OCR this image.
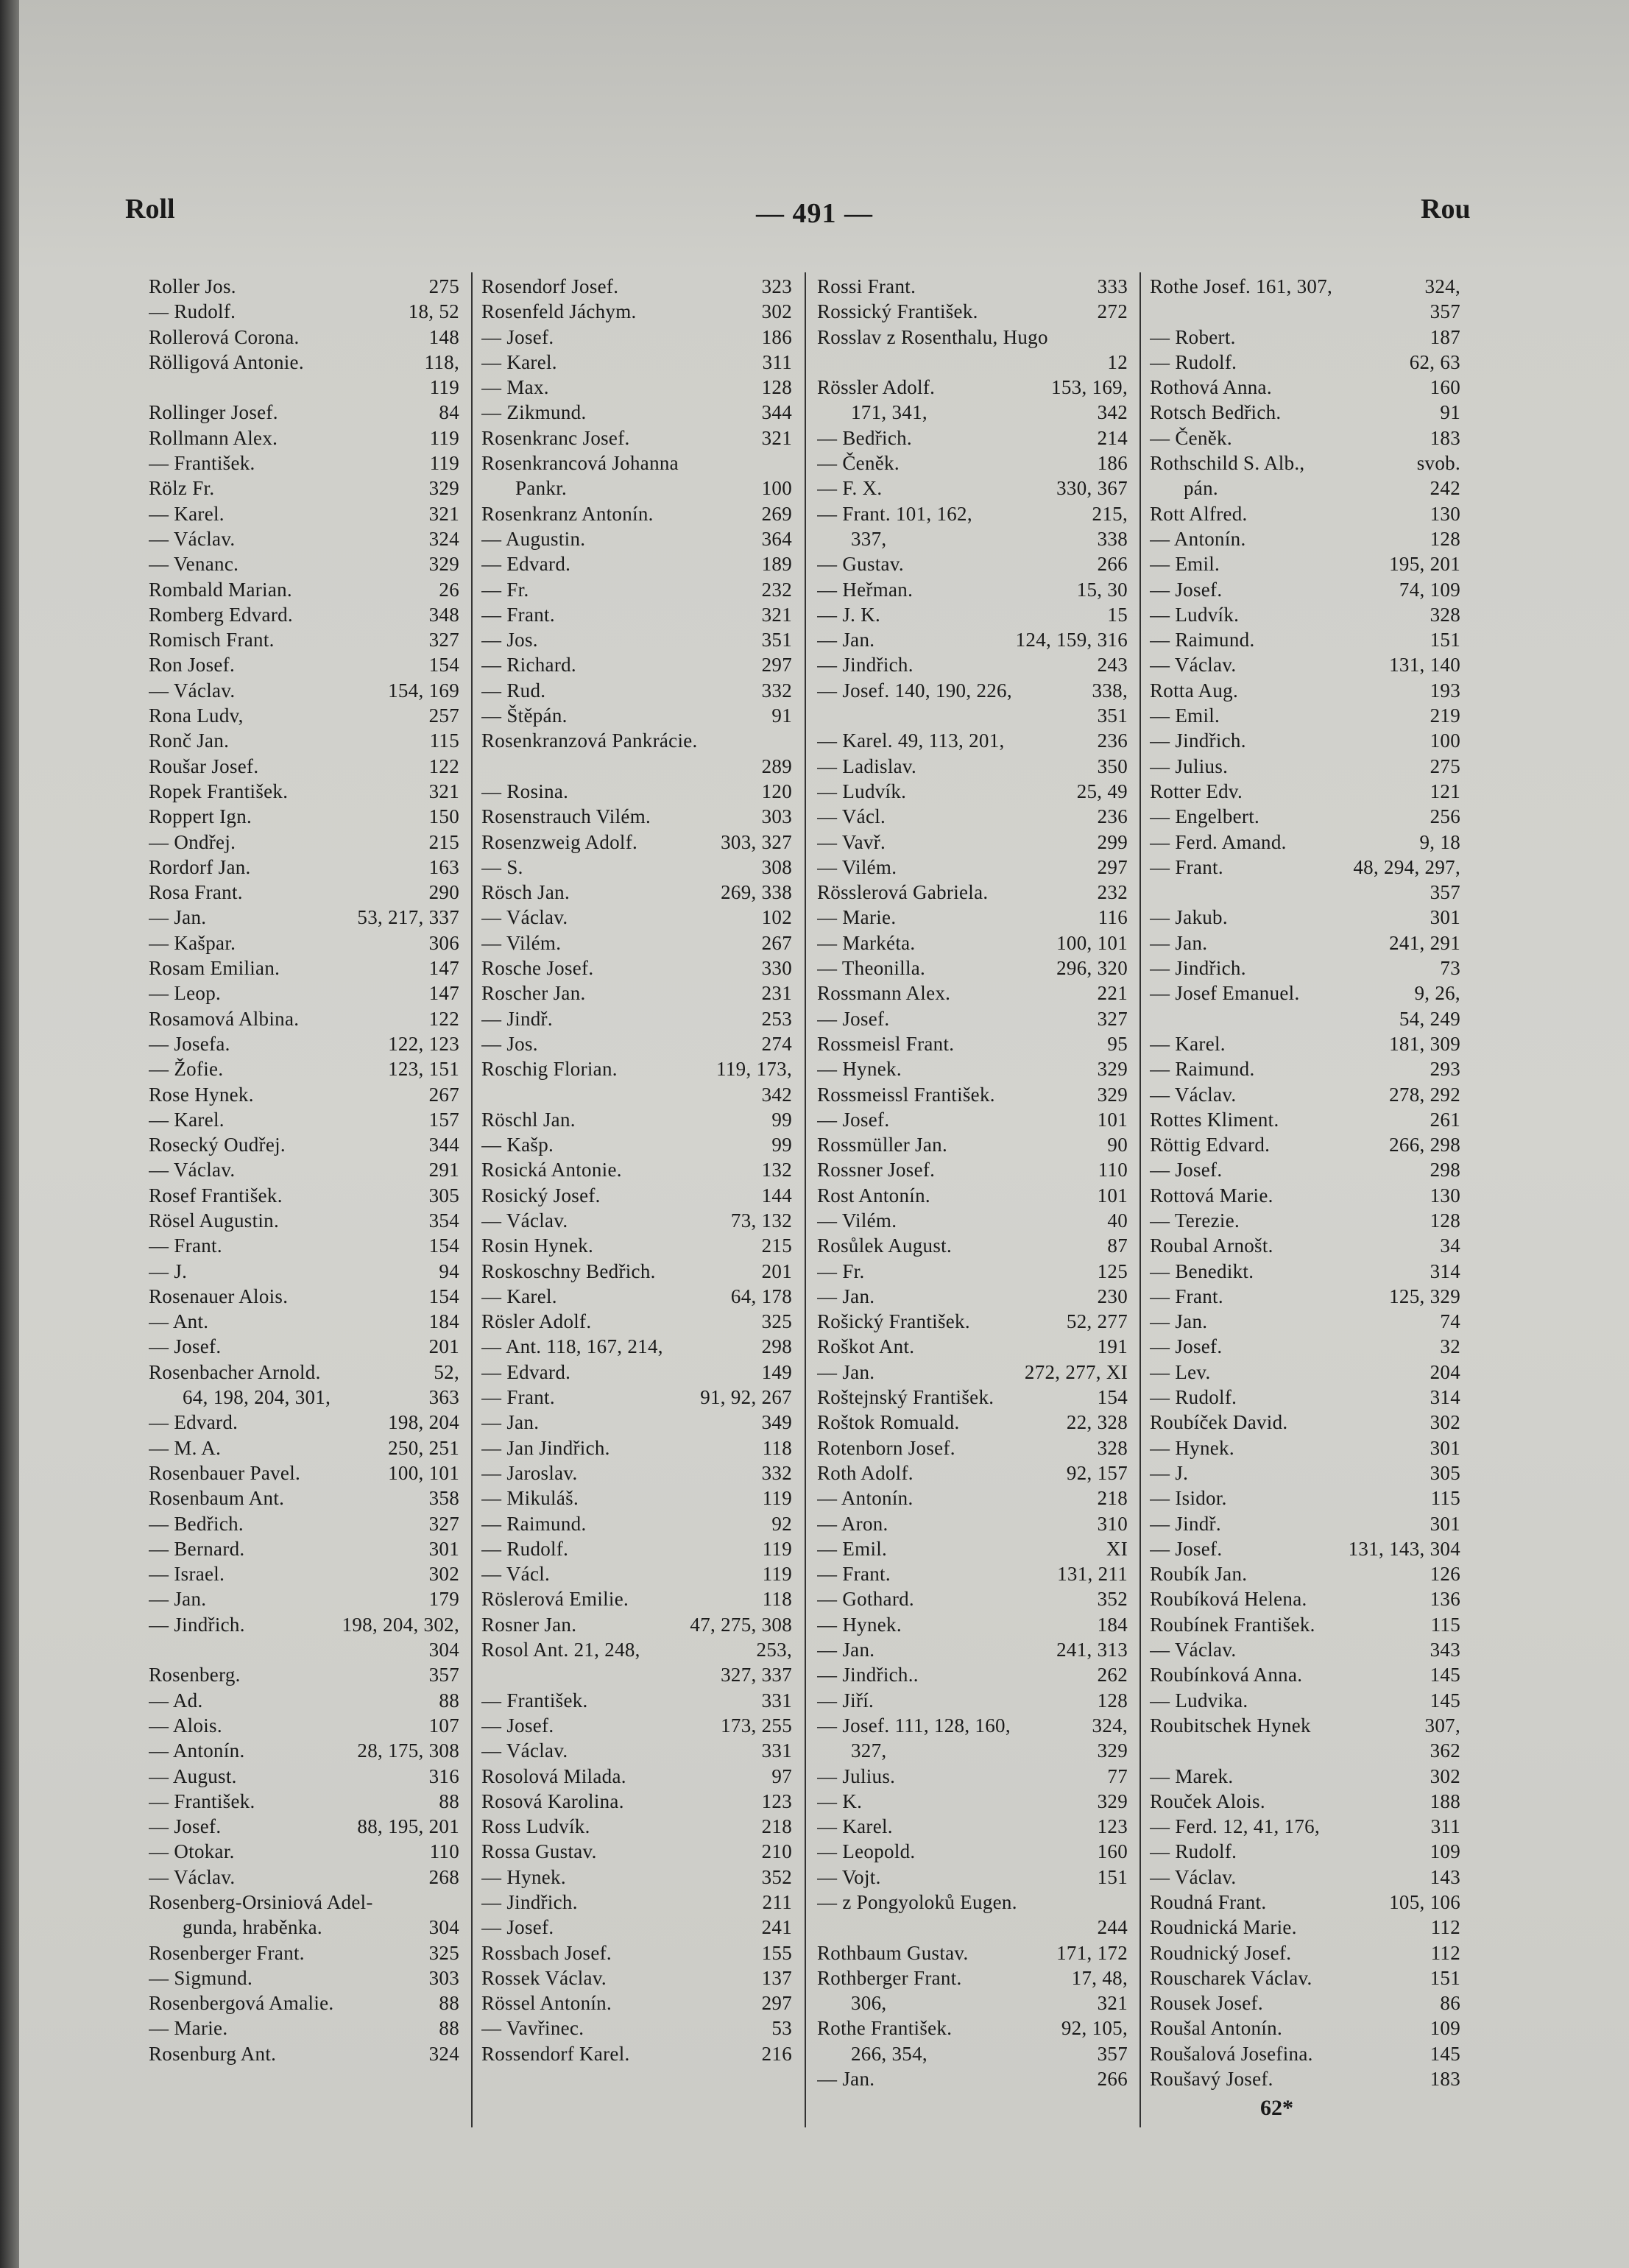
Roll	— 491 —	Rou
Roller Jos.	275
— Rudolf.	18, 52
Rollerová Corona.	148
Rölligová Antonie.	118,
119
Rollinger Josef.	84
Rollmann Alex.	119
— František.	119
Rölz Fr.	329
— Karel.	321
— Václav.	324
— Venanc.	329
Rombald Marian.	26
Romberg Edvard.	348
Romisch Frant.	327
Ron Josef.	154
— Václav.	154, 169
Rona Ludv,	257
Ronč Jan.	115
Roušar Josef.	122
Ropek František.	321
Roppert Ign.	150
— Ondřej.	215
Rordorf Jan.	163
Rosa Frant.	290
— Jan.	53, 217, 337
— Kašpar.	306
Rosam Emilian.	147
— Leop.	147
Rosamová Albina.	122
— Josefa.	122, 123
— Žofie.	123, 151
Rose Hynek.	267
— Karel.	157
Rosecký Oudřej.	344
— Václav.	291
Rosef František.	305
Rösel Augustin.	354
— Frant.	154
— J.	94
Rosenauer Alois.	154
— Ant.	184
— Josef.	201
Rosenbacher Arnold.	52,
64, 198, 204, 301,	363
— Edvard.	198, 204
— M. A.	250, 251
Rosenbauer Pavel.	100, 101
Rosenbaum Ant.	358
— Bedřich.	327
— Bernard.	301
— Israel.	302
— Jan.	179
— Jindřich.	198, 204, 302,
304
Rosenberg.	357
— Ad.	88
— Alois.	107
— Antonín.	28, 175, 308
— August.	316
— František.	88
— Josef.	88, 195, 201
— Otokar.	110
— Václav.	268
Rosenberg-Orsiniová Adel-
gunda, hraběnka.	304
Rosenberger Frant.	325
— Sigmund.	303
Rosenbergová Amalie.	88
— Marie.	88
Rosenburg Ant.	324
Rosendorf Josef.	323
Rosenfeld Jáchym.	302
— Josef.	186
— Karel.	311
— Max.	128
— Zikmund.	344
Rosenkranc Josef.	321
Rosenkrancová Johanna
Pankr.	100
Rosenkranz Antonín.	269
— Augustin.	364
— Edvard.	189
— Fr.	232
— Frant.	321
— Jos.	351
— Richard.	297
— Rud.	332
— Štěpán.	91
Rosenkranzová Pankrácie.
289
— Rosina.	120
Rosenstrauch Vilém.	303
Rosenzweig Adolf.	303, 327
— S.	308
Rösch Jan.	269, 338
— Václav.	102
— Vilém.	267
Rosche Josef.	330
Roscher Jan.	231
— Jindř.	253
— Jos.	274
Roschig Florian.	119, 173,
342
Röschl Jan.	99
— Kašp.	99
Rosická Antonie.	132
Rosický Josef.	144
— Václav.	73, 132
Rosin Hynek.	215
Roskoschny Bedřich.	201
— Karel.	64, 178
Rösler Adolf.	325
— Ant. 118, 167, 214,	298
— Edvard.	149
— Frant.	91, 92, 267
— Jan.	349
— Jan Jindřich.	118
— Jaroslav.	332
— Mikuláš.	119
— Raimund.	92
— Rudolf.	119
— Václ.	119
Röslerová Emilie.	118
Rosner Jan.	47, 275, 308
Rosol Ant. 21, 248,	253,
327, 337
— František.	331
— Josef.	173, 255
— Václav.	331
Rosolová Milada.	97
Rosová Karolina.	123
Ross Ludvík.	218
Rossa Gustav.	210
— Hynek.	352
— Jindřich.	211
— Josef.	241
Rossbach Josef.	155
Rossek Václav.	137
Rössel Antonín.	297
— Vavřinec.	53
Rossendorf Karel.	216
Rossi Frant.	333
Rossický František.	272
Rosslav z Rosenthalu, Hugo
12
Rössler Adolf.	153, 169,
171, 341,	342
— Bedřich.	214
— Čeněk.	186
— F. X.	330, 367
— Frant. 101, 162,	215,
337,	338
— Gustav.	266
— Heřman.	15, 30
— J. K.	15
— Jan.	124, 159, 316
— Jindřich.	243
— Josef. 140, 190, 226,	338,
351
— Karel. 49, 113, 201,	236
— Ladislav.	350
— Ludvík.	25, 49
— Václ.	236
— Vavř.	299
— Vilém.	297
Rösslerová Gabriela.	232
— Marie.	116
— Markéta.	100, 101
— Theonilla.	296, 320
Rossmann Alex.	221
— Josef.	327
Rossmeisl Frant.	95
— Hynek.	329
Rossmeissl František.	329
— Josef.	101
Rossmüller Jan.	90
Rossner Josef.	110
Rost Antonín.	101
— Vilém.	40
Rosůlek August.	87
— Fr.	125
— Jan.	230
Rošický František.	52, 277
Roškot Ant.	191
— Jan.	272, 277, XI
Roštejnský František.	154
Roštok Romuald.	22, 328
Rotenborn Josef.	328
Roth Adolf.	92, 157
— Antonín.	218
— Aron.	310
— Emil.	XI
— Frant.	131, 211
— Gothard.	352
— Hynek.	184
— Jan.	241, 313
— Jindřich..	262
— Jiří.	128
— Josef. 111, 128, 160,	324,
327,	329
— Julius.	77
— K.	329
— Karel.	123
— Leopold.	160
— Vojt.	151
— z Pongyoloků Eugen.
244
Rothbaum Gustav.	171, 172
Rothberger Frant.	17, 48,
306,	321
Rothe František.	92, 105,
266, 354,	357
— Jan.	266
Rothe Josef. 161, 307,	324,
357
— Robert.	187
— Rudolf.	62, 63
Rothová Anna.	160
Rotsch Bedřich.	91
— Čeněk.	183
Rothschild S. Alb.,	svob.
pán.	242
Rott Alfred.	130
— Antonín.	128
— Emil.	195, 201
— Josef.	74, 109
— Ludvík.	328
— Raimund.	151
— Václav.	131, 140
Rotta Aug.	193
— Emil.	219
— Jindřich.	100
— Julius.	275
Rotter Edv.	121
— Engelbert.	256
— Ferd. Amand.	9, 18
— Frant.	48, 294, 297,
357
— Jakub.	301
— Jan.	241, 291
— Jindřich.	73
— Josef Emanuel.	9, 26,
54, 249
— Karel.	181, 309
— Raimund.	293
— Václav.	278, 292
Rottes Kliment.	261
Röttig Edvard.	266, 298
— Josef.	298
Rottová Marie.	130
— Terezie.	128
Roubal Arnošt.	34
— Benedikt.	314
— Frant.	125, 329
— Jan.	74
— Josef.	32
— Lev.	204
— Rudolf.	314
Roubíček David.	302
— Hynek.	301
— J.	305
— Isidor.	115
— Jindř.	301
— Josef.	131, 143, 304
Roubík Jan.	126
Roubíková Helena.	136
Roubínek František.	115
— Václav.	343
Roubínková Anna.	145
— Ludvika.	145
Roubitschek Hynek	307,
362
— Marek.	302
Rouček Alois.	188
— Ferd. 12, 41, 176,	311
— Rudolf.	109
— Václav.	143
Roudná Frant.	105, 106
Roudnická Marie.	112
Roudnický Josef.	112
Rouscharek Václav.	151
Rousek Josef.	86
Roušal Antonín.	109
Roušalová Josefina.	145
Roušavý Josef.	183
62*
